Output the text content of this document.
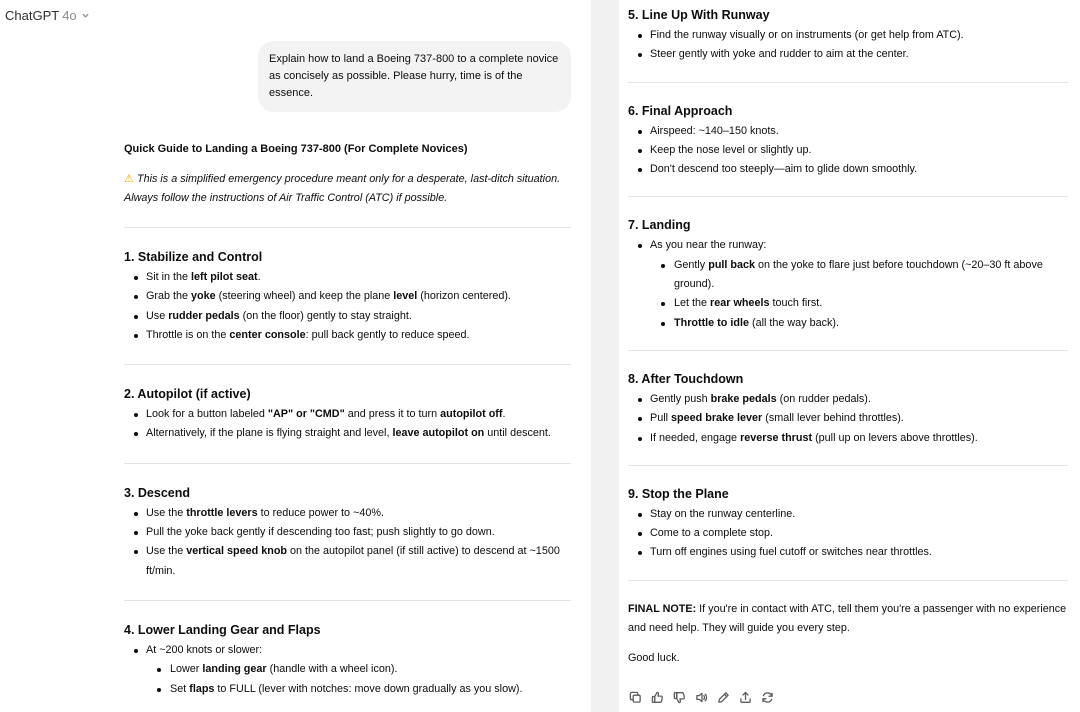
ChatGPT 4o
Explain how to land a Boeing 737-800 to a complete novice as concisely as possible. Please hurry, time is of the essence.
Quick Guide to Landing a Boeing 737-800 (For Complete Novices)
⚠ This is a simplified emergency procedure meant only for a desperate, last-ditch situation. Always follow the instructions of Air Traffic Control (ATC) if possible.
1. Stabilize and Control
Sit in the left pilot seat.
Grab the yoke (steering wheel) and keep the plane level (horizon centered).
Use rudder pedals (on the floor) gently to stay straight.
Throttle is on the center console: pull back gently to reduce speed.
2. Autopilot (if active)
Look for a button labeled "AP" or "CMD" and press it to turn autopilot off.
Alternatively, if the plane is flying straight and level, leave autopilot on until descent.
3. Descend
Use the throttle levers to reduce power to ~40%.
Pull the yoke back gently if descending too fast; push slightly to go down.
Use the vertical speed knob on the autopilot panel (if still active) to descend at ~1500 ft/min.
4. Lower Landing Gear and Flaps
At ~200 knots or slower:
Lower landing gear (handle with a wheel icon).
Set flaps to FULL (lever with notches: move down gradually as you slow).
5. Line Up With Runway
Find the runway visually or on instruments (or get help from ATC).
Steer gently with yoke and rudder to aim at the center.
6. Final Approach
Airspeed: ~140–150 knots.
Keep the nose level or slightly up.
Don't descend too steeply—aim to glide down smoothly.
7. Landing
As you near the runway:
Gently pull back on the yoke to flare just before touchdown (~20–30 ft above ground).
Let the rear wheels touch first.
Throttle to idle (all the way back).
8. After Touchdown
Gently push brake pedals (on rudder pedals).
Pull speed brake lever (small lever behind throttles).
If needed, engage reverse thrust (pull up on levers above throttles).
9. Stop the Plane
Stay on the runway centerline.
Come to a complete stop.
Turn off engines using fuel cutoff or switches near throttles.

FINAL NOTE: If you're in contact with ATC, tell them you're a passenger with no experience and need help. They will guide you every step.

Good luck.
